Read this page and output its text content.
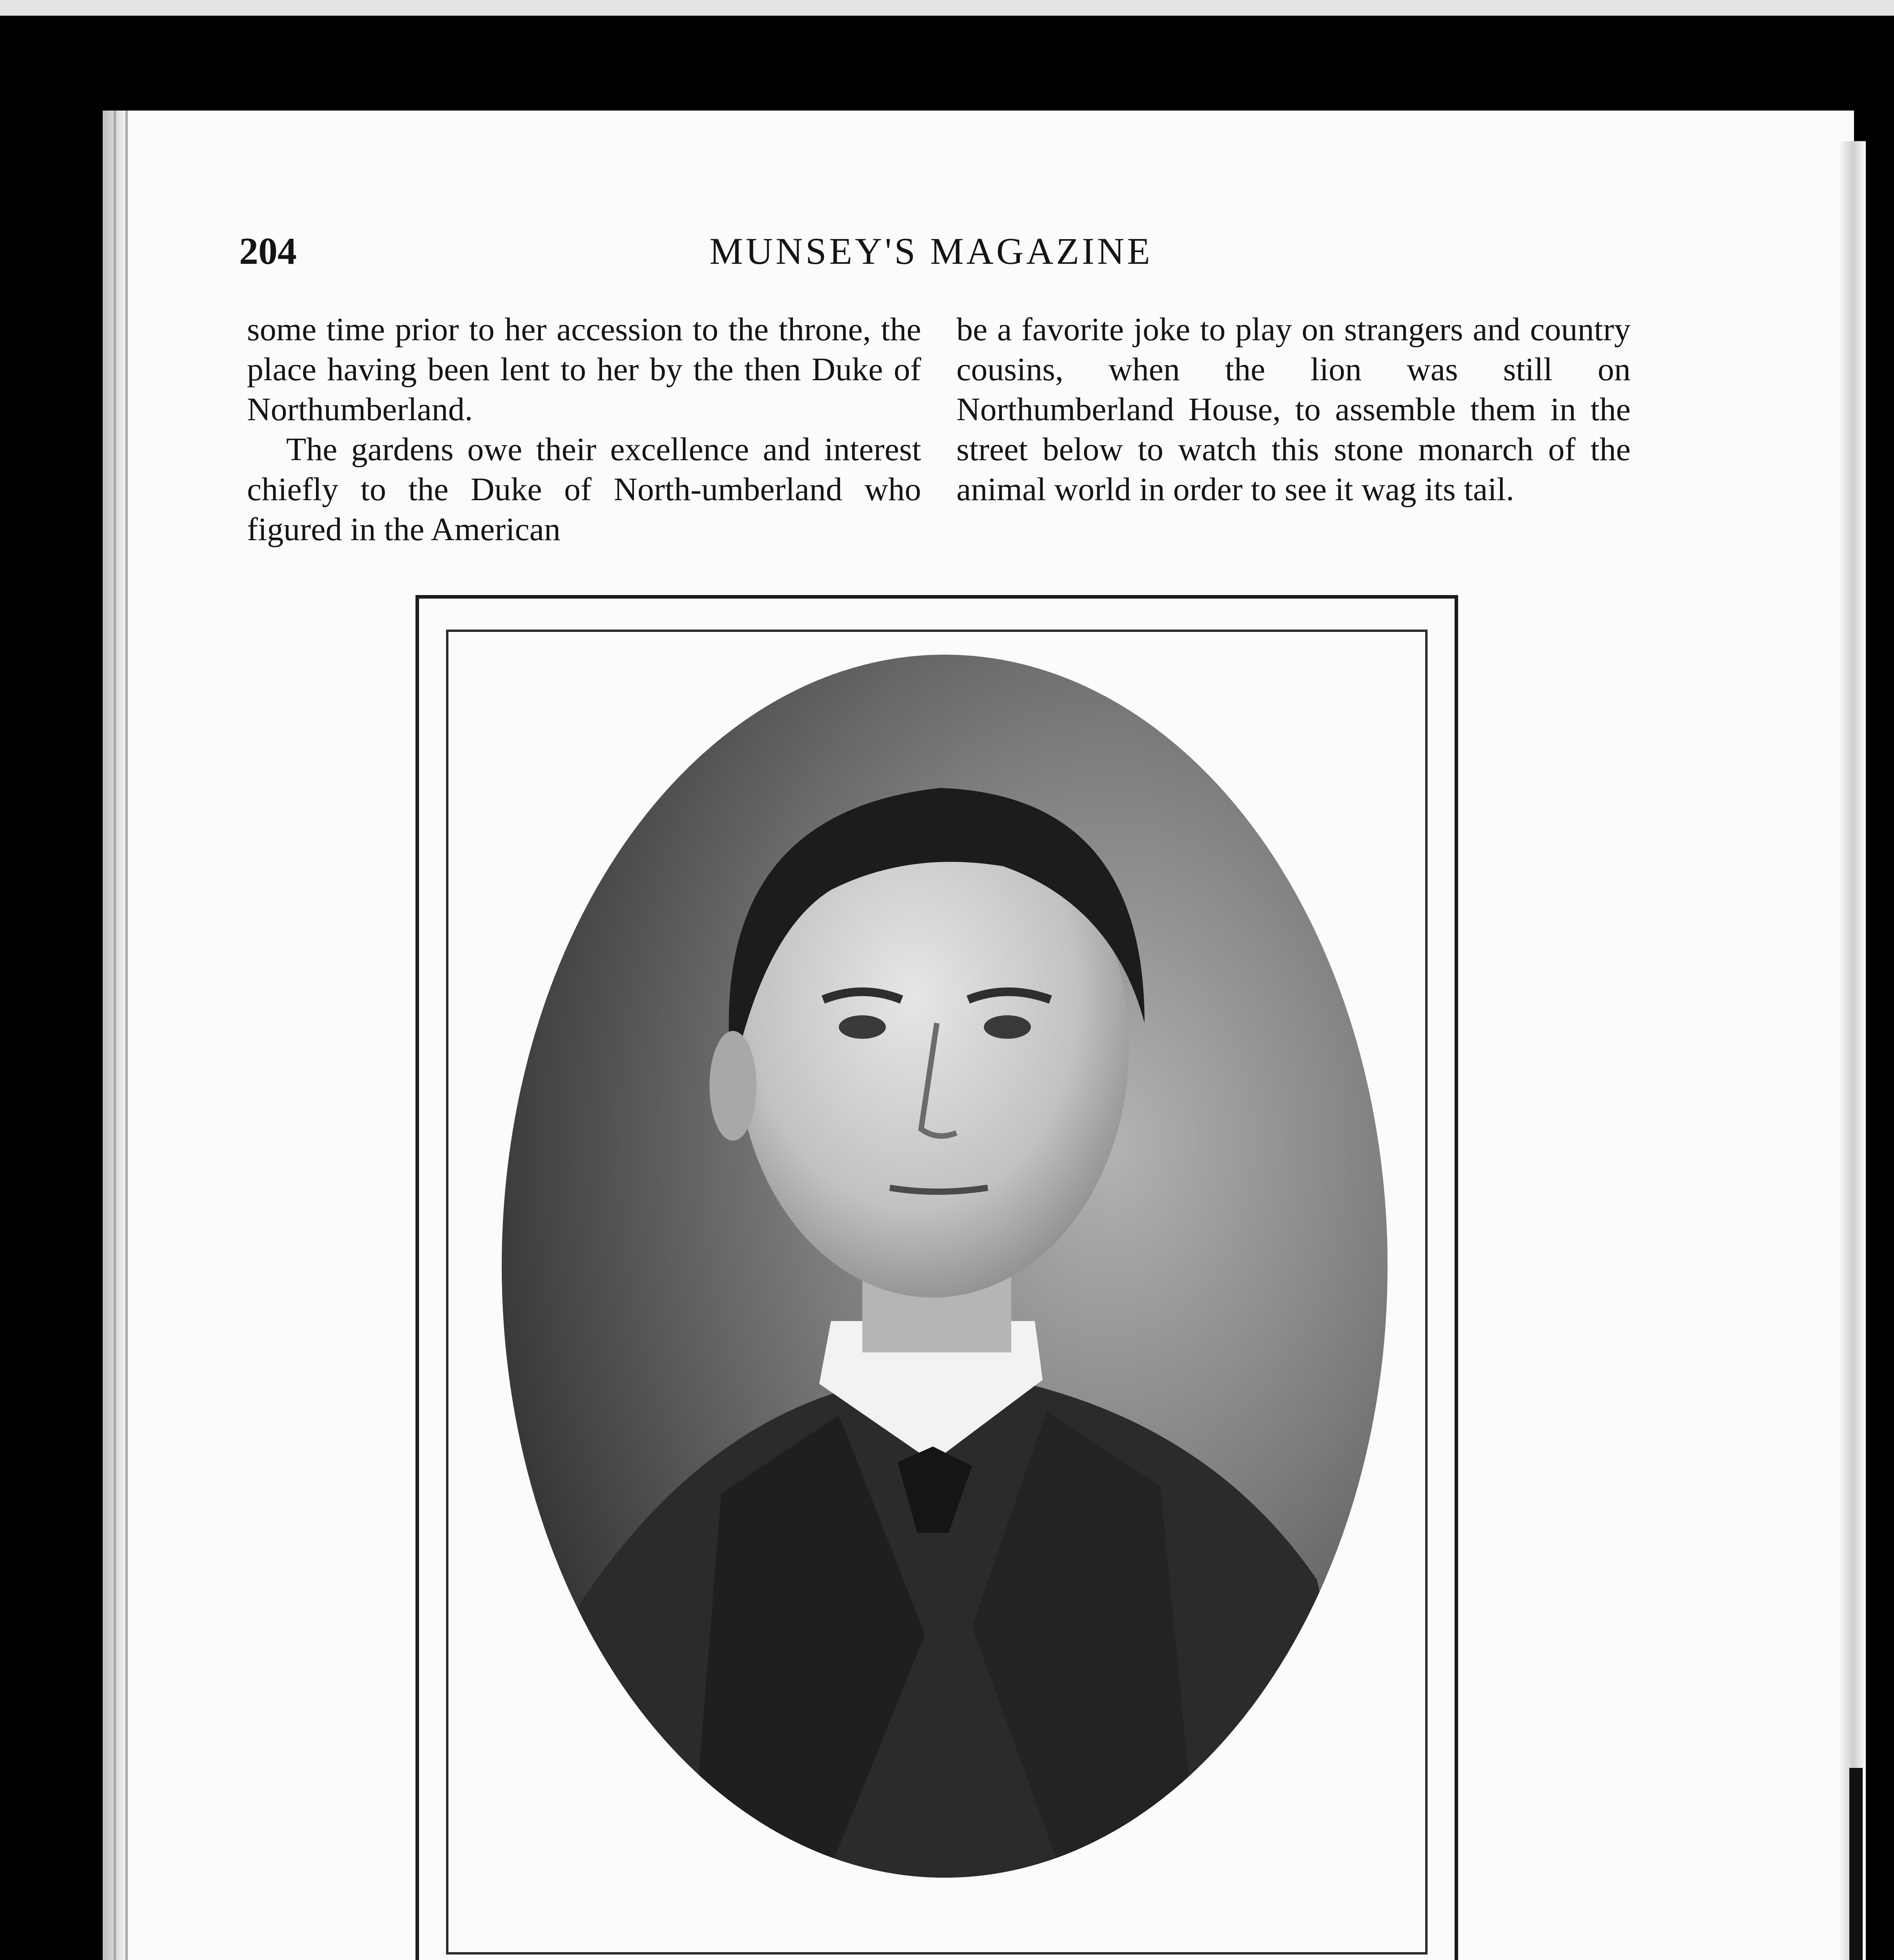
204	MUNSEY'S MAGAZINE

some time prior to her accession to the throne, the place having been lent to her by the then Duke of Northumberland.

The gardens owe their excellence and interest chiefly to the Duke of North-umberland who figured in the American

be a favorite joke to play on strangers and country cousins, when the lion was still on Northumberland House, to assemble them in the street below to watch this stone monarch of the animal world in order to see it wag its tail.
